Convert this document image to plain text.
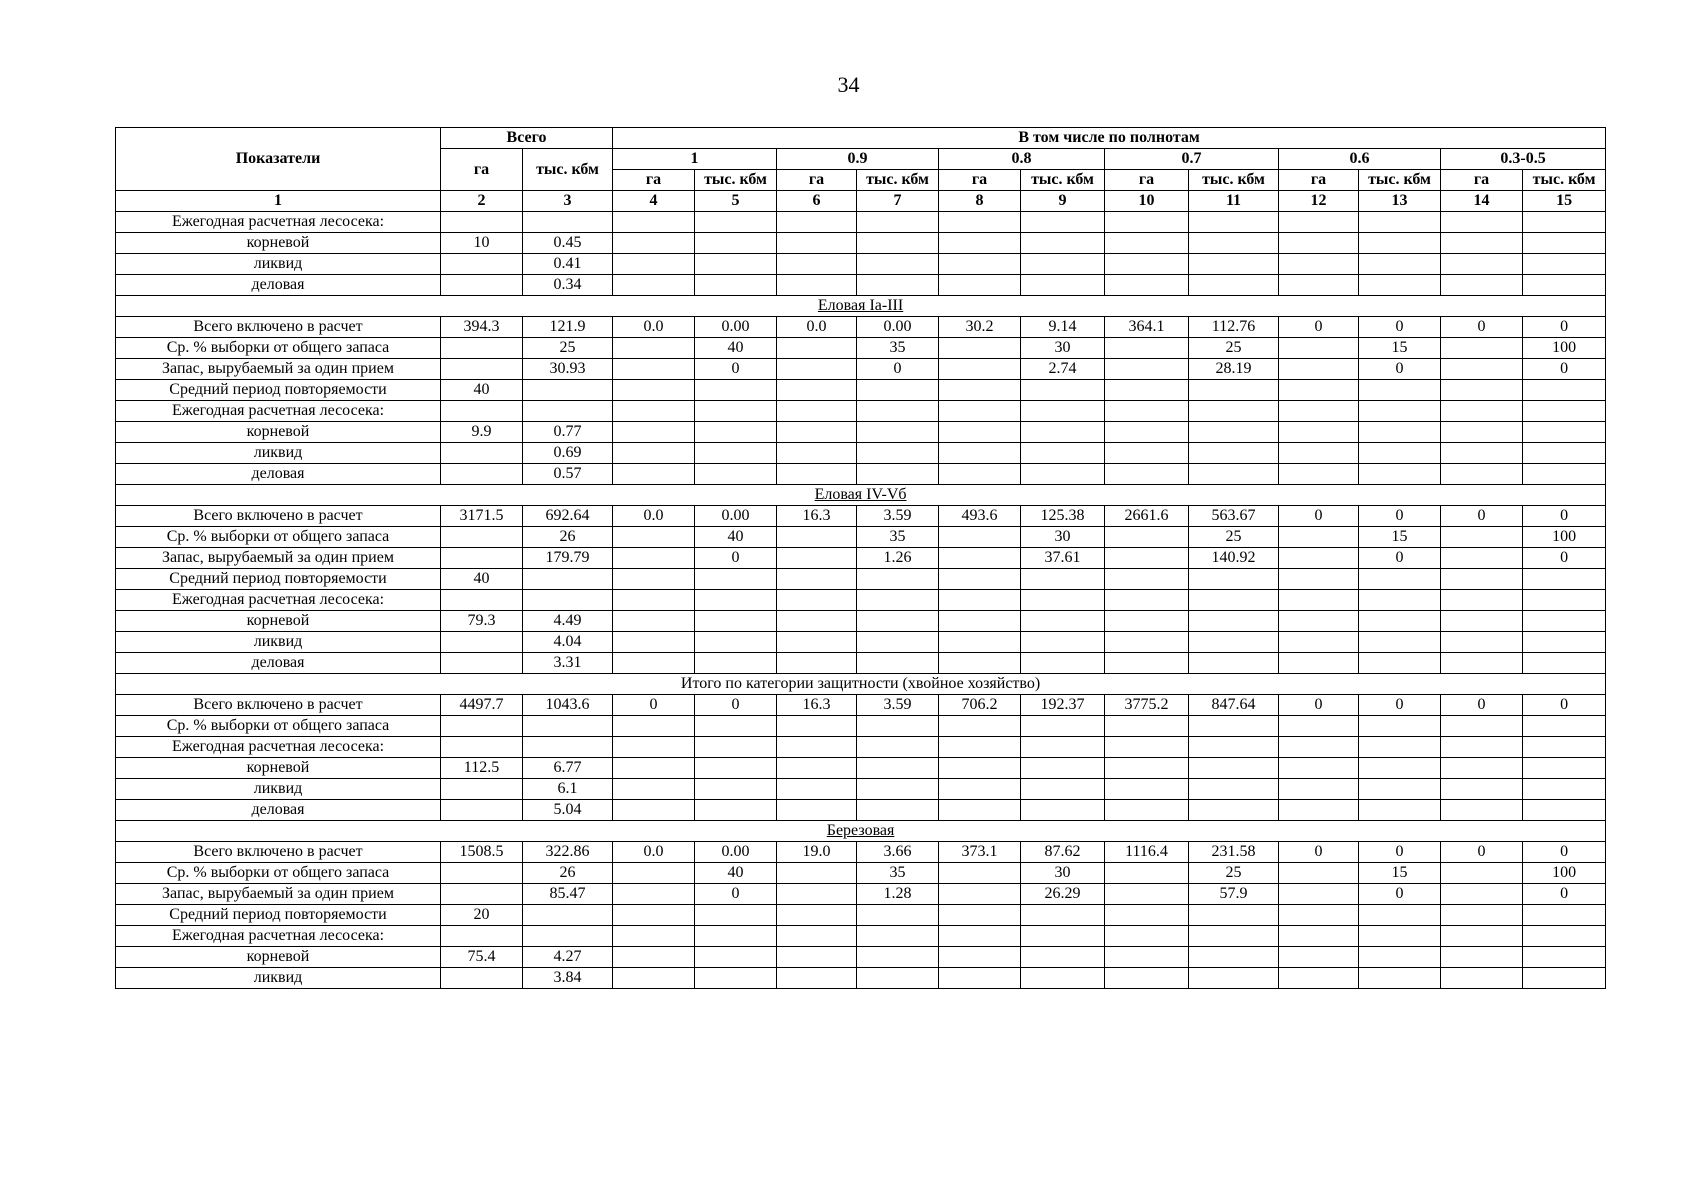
34
Показатели	Всего		В том числе по полнотам											
	га	тыс. кбм	1		0.9		0.8		0.7		0.6		0.3-0.5	
			га	тыс. кбм	га	тыс. кбм	га	тыс. кбм	га	тыс. кбм	га	тыс. кбм	га	тыс. кбм
1	2	3	4	5	6	7	8	9	10	11	12	13	14	15
Ежегодная расчетная лесосека:														
корневой	10	0.45												
ликвид		0.41												
деловая		0.34												
Еловая Iа-III														
Всего включено в расчет	394.3	121.9	0.0	0.00	0.0	0.00	30.2	9.14	364.1	112.76	0	0	0	0
Ср. % выборки от общего запаса		25		40		35		30		25		15		100
Запас, вырубаемый за один прием		30.93		0		0		2.74		28.19		0		0
Средний период повторяемости	40													
Ежегодная расчетная лесосека:														
корневой	9.9	0.77												
ликвид		0.69												
деловая		0.57												
Еловая IV-Vб														
Всего включено в расчет	3171.5	692.64	0.0	0.00	16.3	3.59	493.6	125.38	2661.6	563.67	0	0	0	0
Ср. % выборки от общего запаса		26		40		35		30		25		15		100
Запас, вырубаемый за один прием		179.79		0		1.26		37.61		140.92		0		0
Средний период повторяемости	40													
Ежегодная расчетная лесосека:														
корневой	79.3	4.49												
ликвид		4.04												
деловая		3.31												
Итого по категории защитности (хвойное хозяйство)														
Всего включено в расчет	4497.7	1043.6	0	0	16.3	3.59	706.2	192.37	3775.2	847.64	0	0	0	0
Ср. % выборки от общего запаса														
Ежегодная расчетная лесосека:														
корневой	112.5	6.77												
ликвид		6.1												
деловая		5.04												
Березовая														
Всего включено в расчет	1508.5	322.86	0.0	0.00	19.0	3.66	373.1	87.62	1116.4	231.58	0	0	0	0
Ср. % выборки от общего запаса		26		40		35		30		25		15		100
Запас, вырубаемый за один прием		85.47		0		1.28		26.29		57.9		0		0
Средний период повторяемости	20													
Ежегодная расчетная лесосека:														
корневой	75.4	4.27												
ликвид		3.84												
